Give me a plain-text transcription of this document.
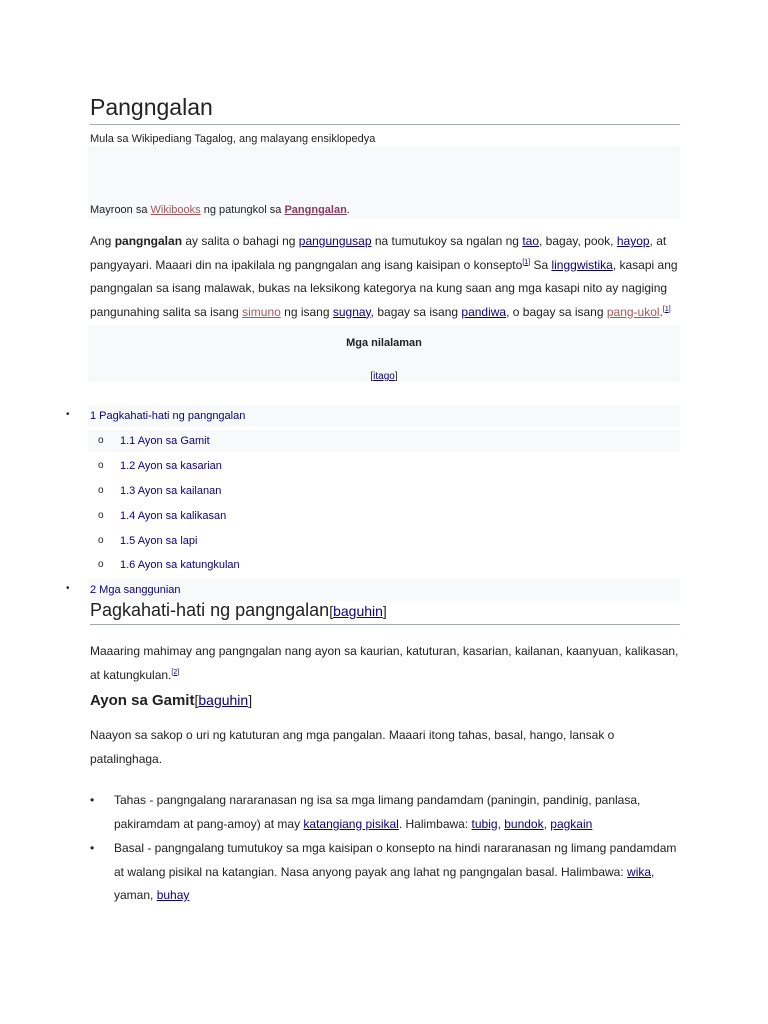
Pangngalan
Mula sa Wikipediang Tagalog, ang malayang ensiklopedya
Mayroon sa Wikibooks ng patungkol sa Pangngalan.
Ang pangngalan ay salita o bahagi ng pangungusap na tumutukoy sa ngalan ng tao, bagay, pook, hayop, at pangyayari. Maaari din na ipakilala ng pangngalan ang isang kaisipan o konsepto[1] Sa linggwistika, kasapi ang pangngalan sa isang malawak, bukas na leksikong kategorya na kung saan ang mga kasapi nito ay nagiging pangunahing salita sa isang simuno ng isang sugnay, bagay sa isang pandiwa, o bagay sa isang pang-ukol.[1]
Mga nilalaman
[itago]
• 1 Pagkahati-hati ng pangngalan
o 1.1 Ayon sa Gamit
o 1.2 Ayon sa kasarian
o 1.3 Ayon sa kailanan
o 1.4 Ayon sa kalikasan
o 1.5 Ayon sa lapi
o 1.6 Ayon sa katungkulan
• 2 Mga sanggunian
Pagkahati-hati ng pangngalan[baguhin]
Maaaring mahimay ang pangngalan nang ayon sa kaurian, katuturan, kasarian, kailanan, kaanyuan, kalikasan, at katungkulan.[2]
Ayon sa Gamit[baguhin]
Naayon sa sakop o uri ng katuturan ang mga pangalan. Maaari itong tahas, basal, hango, lansak o patalinghaga.
• Tahas - pangngalang nararanasan ng isa sa mga limang pandamdam (paningin, pandinig, panlasa, pakiramdam at pang-amoy) at may katangiang pisikal. Halimbawa: tubig, bundok, pagkain
• Basal - pangngalang tumutukoy sa mga kaisipan o konsepto na hindi nararanasan ng limang pandamdam at walang pisikal na katangian. Nasa anyong payak ang lahat ng pangngalan basal. Halimbawa: wika, yaman, buhay
